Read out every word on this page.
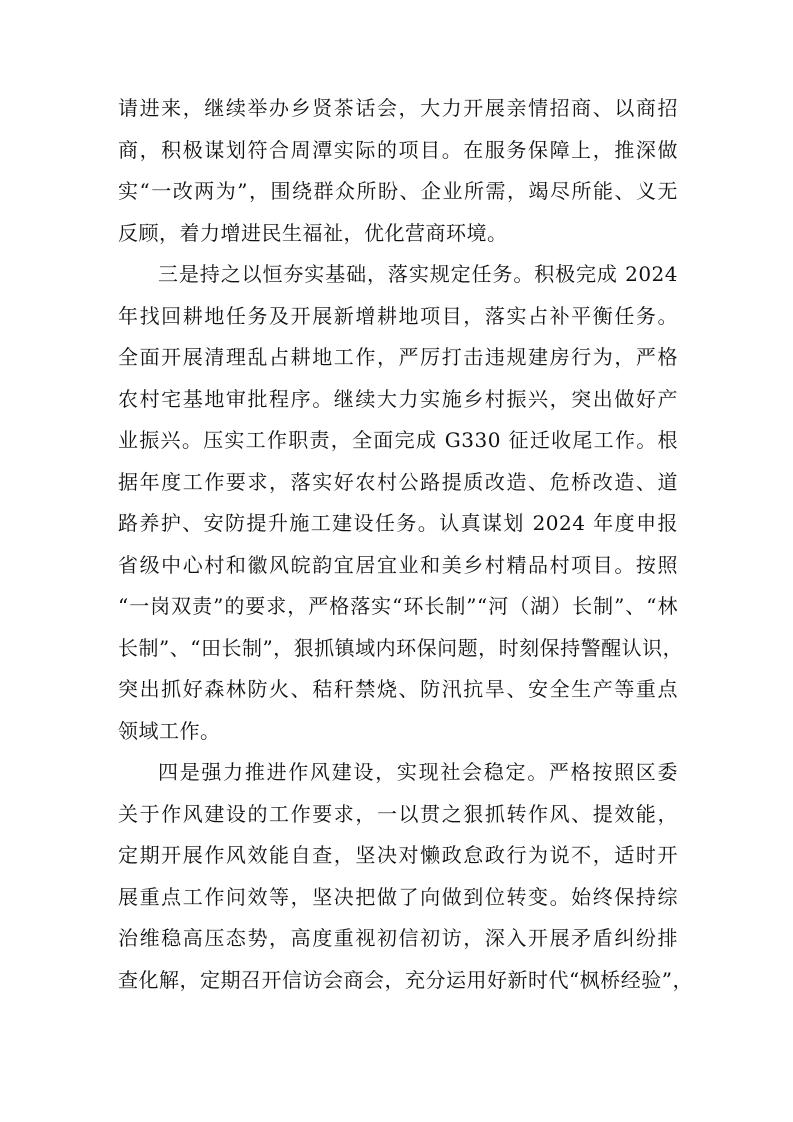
请进来，继续举办乡贤茶话会，大力开展亲情招商、以商招
商，积极谋划符合周潭实际的项目。在服务保障上，推深做
实“一改两为”，围绕群众所盼、企业所需，竭尽所能、义无
反顾，着力增进民生福祉，优化营商环境。
三是持之以恒夯实基础，落实规定任务。积极完成 2024
年找回耕地任务及开展新增耕地项目，落实占补平衡任务。
全面开展清理乱占耕地工作，严厉打击违规建房行为，严格
农村宅基地审批程序。继续大力实施乡村振兴，突出做好产
业振兴。压实工作职责，全面完成 G330 征迁收尾工作。根
据年度工作要求，落实好农村公路提质改造、危桥改造、道
路养护、安防提升施工建设任务。认真谋划 2024 年度申报
省级中心村和徽风皖韵宜居宜业和美乡村精品村项目。按照
“一岗双责”的要求，严格落实“环长制”“河（湖）长制”、“林
长制”、“田长制”，狠抓镇域内环保问题，时刻保持警醒认识，
突出抓好森林防火、秸秆禁烧、防汛抗旱、安全生产等重点
领域工作。
四是强力推进作风建设，实现社会稳定。严格按照区委
关于作风建设的工作要求，一以贯之狠抓转作风、提效能，
定期开展作风效能自查，坚决对懒政怠政行为说不，适时开
展重点工作问效等，坚决把做了向做到位转变。始终保持综
治维稳高压态势，高度重视初信初访，深入开展矛盾纠纷排
查化解，定期召开信访会商会，充分运用好新时代“枫桥经验”，
